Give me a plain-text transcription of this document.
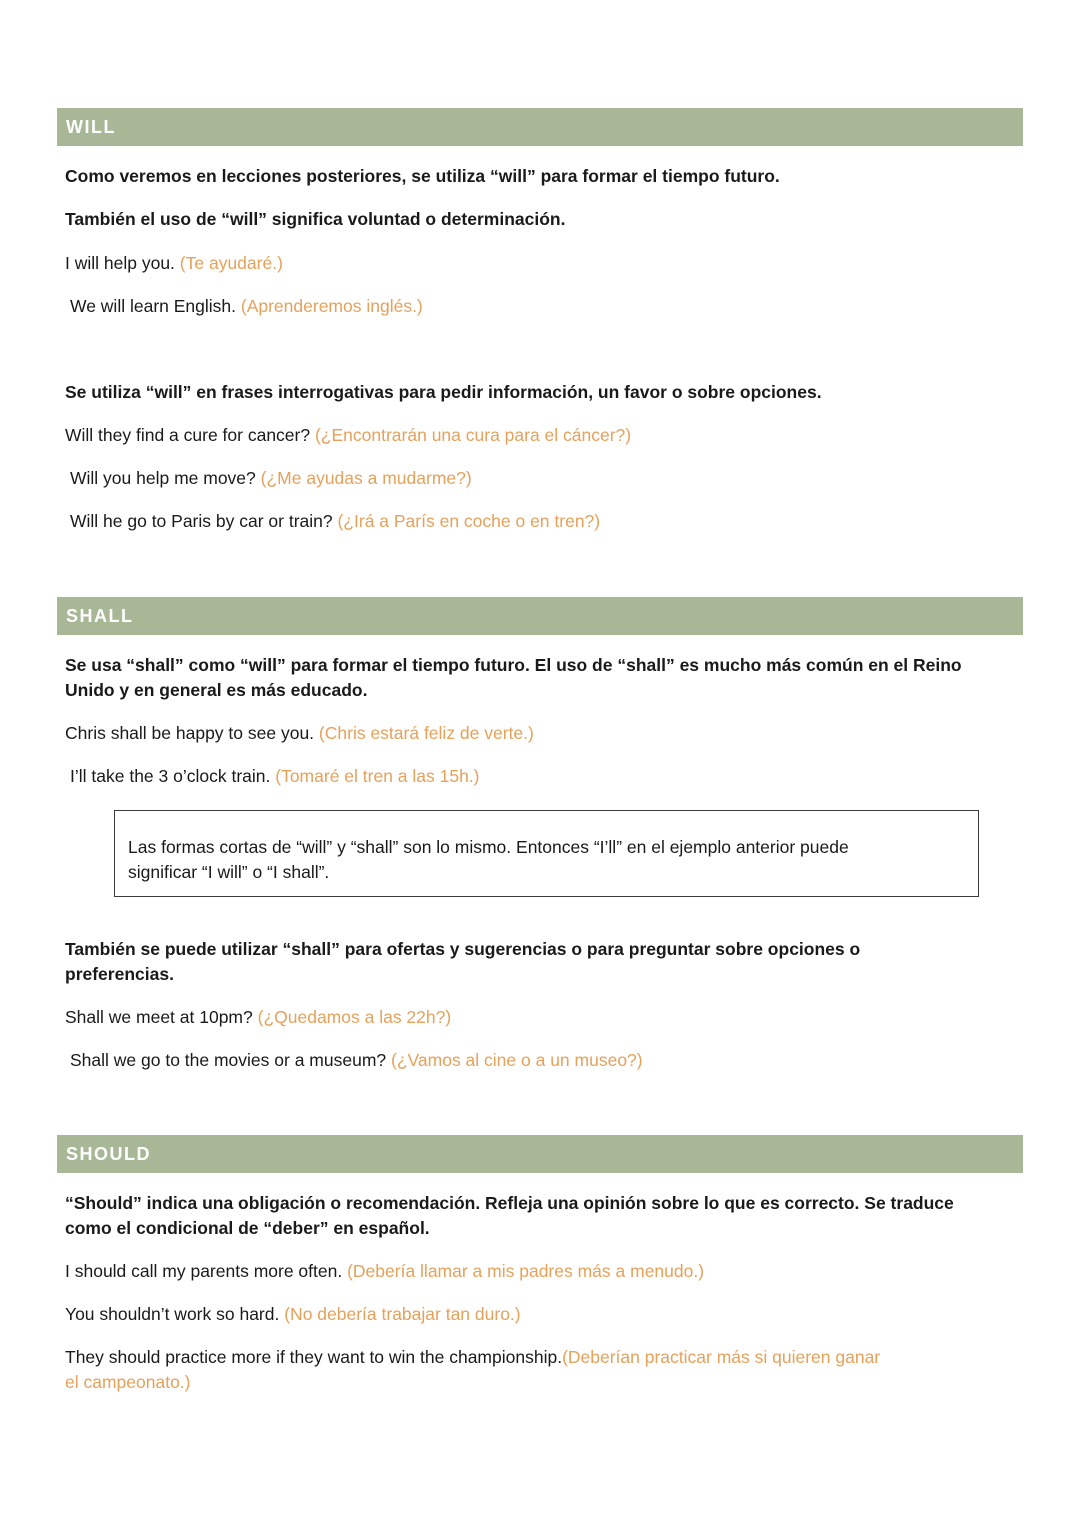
WILL
Como veremos en lecciones posteriores, se utiliza “will” para formar el tiempo futuro.
También el uso de “will” significa voluntad o determinación.
I will help you. (Te ayudaré.)
We will learn English. (Aprenderemos inglés.)
Se utiliza “will” en frases interrogativas para pedir información, un favor o sobre opciones.
Will they find a cure for cancer? (¿Encontrarán una cura para el cáncer?)
Will you help me move? (¿Me ayudas a mudarme?)
Will he go to Paris by car or train? (¿Irá a París en coche o en tren?)
SHALL
Se usa “shall” como “will” para formar el tiempo futuro. El uso de “shall” es mucho más común en el Reino
Unido y en general es más educado.
Chris shall be happy to see you. (Chris estará feliz de verte.)
I’ll take the 3 o’clock train. (Tomaré el tren a las 15h.)
Las formas cortas de “will” y “shall” son lo mismo. Entonces “I’ll” en el ejemplo anterior puede
significar “I will” o “I shall”.
También se puede utilizar “shall” para ofertas y sugerencias o para preguntar sobre opciones o
preferencias.
Shall we meet at 10pm? (¿Quedamos a las 22h?)
Shall we go to the movies or a museum? (¿Vamos al cine o a un museo?)
SHOULD
“Should” indica una obligación o recomendación. Refleja una opinión sobre lo que es correcto. Se traduce
como el condicional de “deber” en español.
I should call my parents more often. (Debería llamar a mis padres más a menudo.)
You shouldn’t work so hard. (No debería trabajar tan duro.)
They should practice more if they want to win the championship.(Deberían practicar más si quieren ganar
el campeonato.)
